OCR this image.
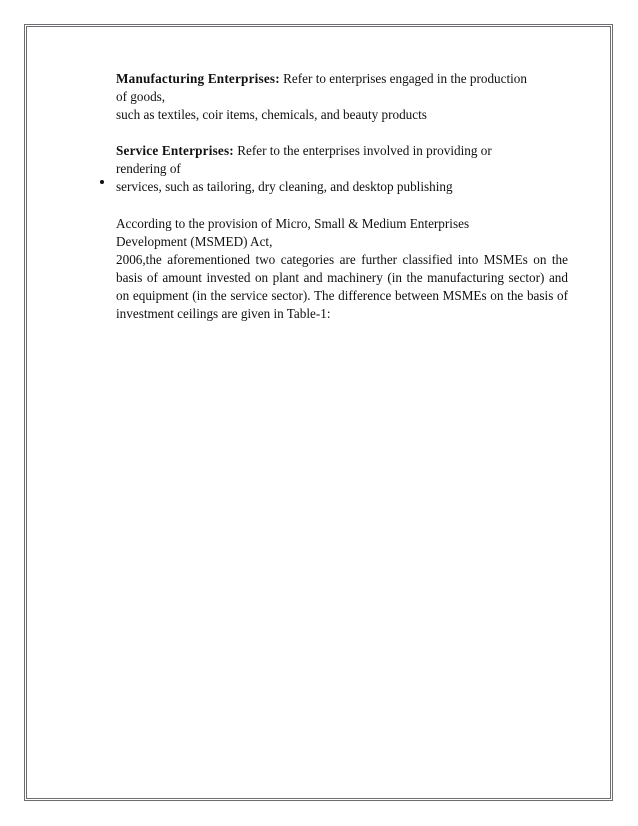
Manufacturing Enterprises: Refer to enterprises engaged in the production
of goods,
such as textiles, coir items, chemicals, and beauty products

Service Enterprises: Refer to the enterprises involved in providing or
rendering of
services, such as tailoring, dry cleaning, and desktop publishing

According to the provision of Micro, Small & Medium Enterprises
Development (MSMED) Act,
2006,the aforementioned two categories are further classified into MSMEs on the basis of amount invested on plant and machinery (in the manufacturing sector) and on equipment (in the service sector). The difference between MSMEs on the basis of investment ceilings are given in Table-1:
